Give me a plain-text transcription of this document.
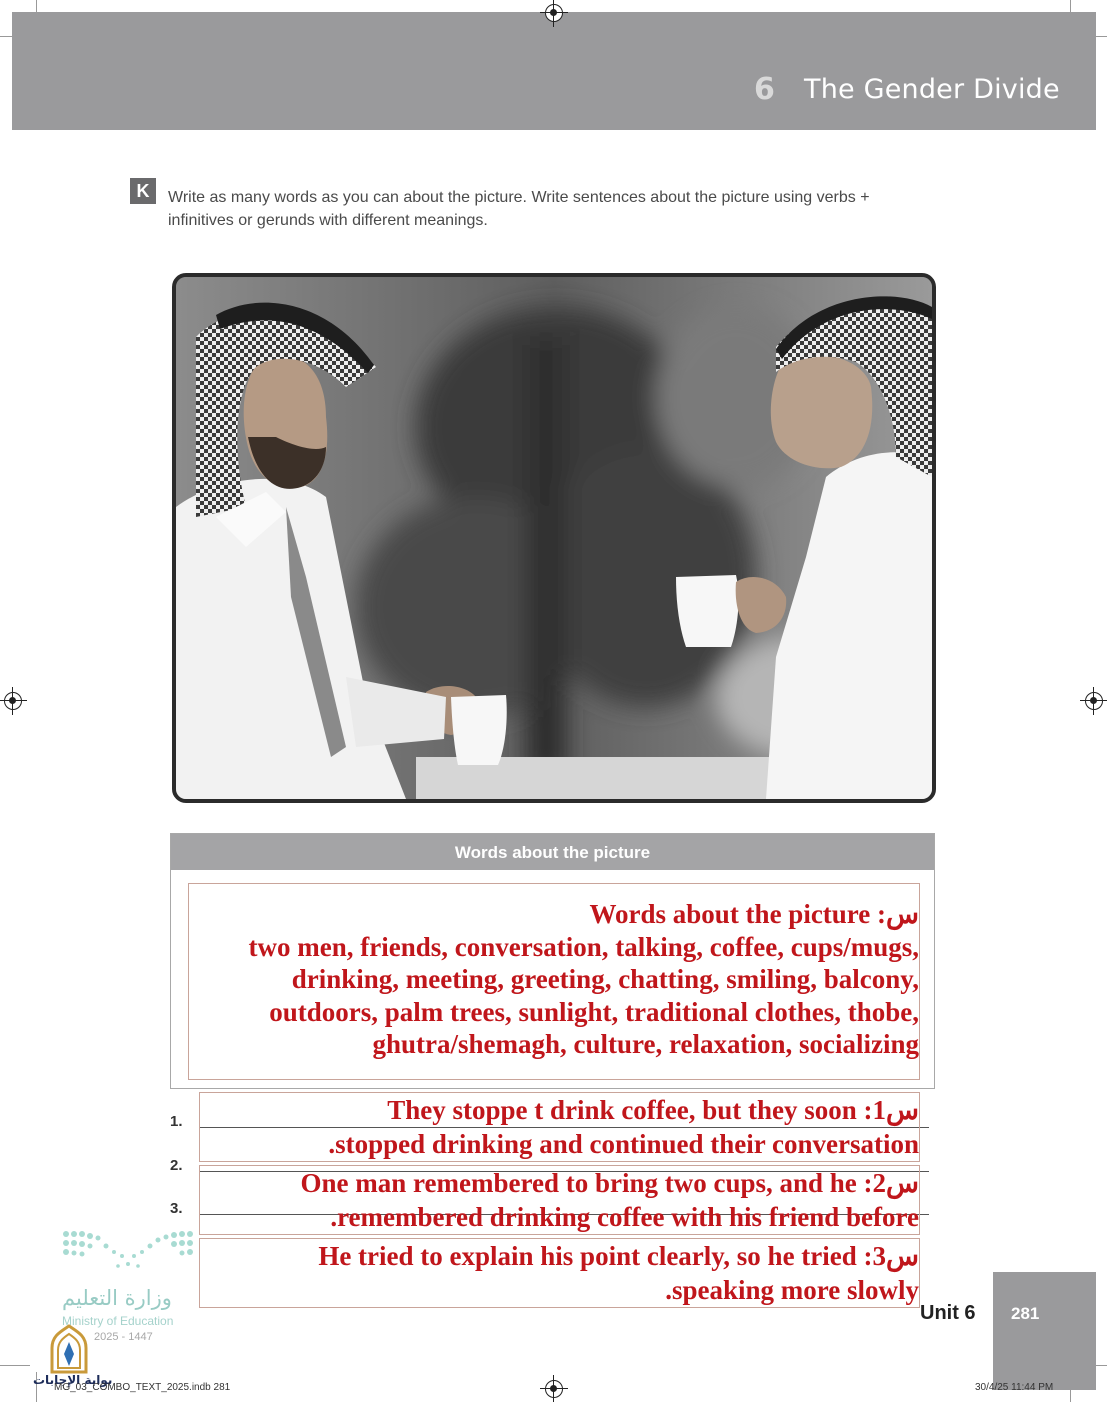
6 The Gender Divide
K	Write as many words as you can about the picture. Write sentences about the picture using verbs + infinitives or gerunds with different meanings.
Words about the picture
Words about the picture :س
two men, friends, conversation, talking, coffee, cups/mugs,
drinking, meeting, greeting, chatting, smiling, balcony,
outdoors, palm trees, sunlight, traditional clothes, thobe,
ghutra/shemagh, culture, relaxation, socializing
1.
2.
3.
They stoppe t drink coffee, but they soon :1س
.stopped drinking and continued their conversation
One man remembered to bring two cups, and he :2س
.remembered drinking coffee with his friend before
He tried to explain his point clearly, so he tried :3س
.speaking more slowly
وزارة التعليم
Ministry of Education
2025 - 1447
بوابة الإجابات
Unit 6 281
MG_03_COMBO_TEXT_2025.indb 281	30/4/25 11:44 PM
